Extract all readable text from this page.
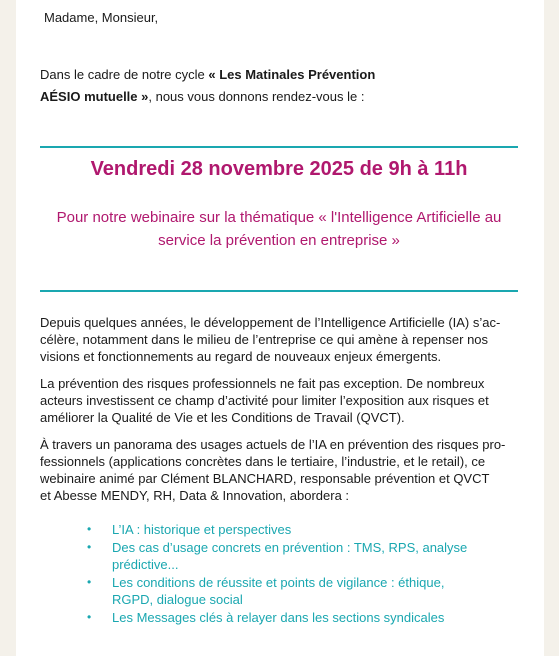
Madame, Monsieur,
Dans le cadre de notre cycle « Les Matinales Prévention
AÉSIO mutuelle », nous vous donnons rendez-vous le :
Vendredi 28 novembre 2025 de 9h à 11h
Pour notre webinaire sur la thématique « l'Intelligence Artificielle au
service la prévention en entreprise »
Depuis quelques années, le développement de l’Intelligence Artificielle (IA) s’ac-
célère, notamment dans le milieu de l’entreprise ce qui amène à repenser nos
visions et fonctionnements au regard de nouveaux enjeux émergents.
La prévention des risques professionnels ne fait pas exception. De nombreux
acteurs investissent ce champ d’activité pour limiter l’exposition aux risques et
améliorer la Qualité de Vie et les Conditions de Travail (QVCT).
À travers un panorama des usages actuels de l’IA en prévention des risques pro-
fessionnels (applications concrètes dans le tertiaire, l’industrie, et le retail), ce
webinaire animé par Clément BLANCHARD, responsable prévention et QVCT
et Abesse MENDY, RH, Data & Innovation, abordera :
• L’IA : historique et perspectives
• Des cas d’usage concrets en prévention : TMS, RPS, analyse
prédictive...
• Les conditions de réussite et points de vigilance : éthique,
RGPD, dialogue social
• Les Messages clés à relayer dans les sections syndicales
